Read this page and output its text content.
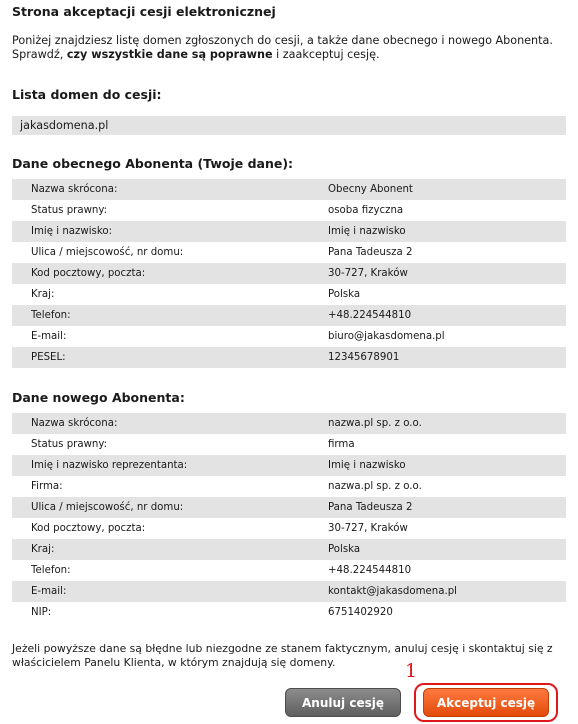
Strona akceptacji cesji elektronicznej
Poniżej znajdziesz listę domen zgłoszonych do cesji, a także dane obecnego i nowego Abonenta.
Sprawdź, czy wszystkie dane są poprawne i zaakceptuj cesję.
Lista domen do cesji:
jakasdomena.pl
Dane obecnego Abonenta (Twoje dane):
Nazwa skrócona:	Obecny Abonent
Status prawny:	osoba fizyczna
Imię i nazwisko:	Imię i nazwisko
Ulica / miejscowość, nr domu:	Pana Tadeusza 2
Kod pocztowy, poczta:	30-727, Kraków
Kraj:	Polska
Telefon:	+48.224544810
E-mail:	biuro@jakasdomena.pl
PESEL:	12345678901
Dane nowego Abonenta:
Nazwa skrócona:	nazwa.pl sp. z o.o.
Status prawny:	firma
Imię i nazwisko reprezentanta:	Imię i nazwisko
Firma:	nazwa.pl sp. z o.o.
Ulica / miejscowość, nr domu:	Pana Tadeusza 2
Kod pocztowy, poczta:	30-727, Kraków
Kraj:	Polska
Telefon:	+48.224544810
E-mail:	kontakt@jakasdomena.pl
NIP:	6751402920
Jeżeli powyższe dane są błędne lub niezgodne ze stanem faktycznym, anuluj cesję i skontaktuj się z właścicielem Panelu Klienta, w którym znajdują się domeny.
Anuluj cesję
1
Akceptuj cesję
